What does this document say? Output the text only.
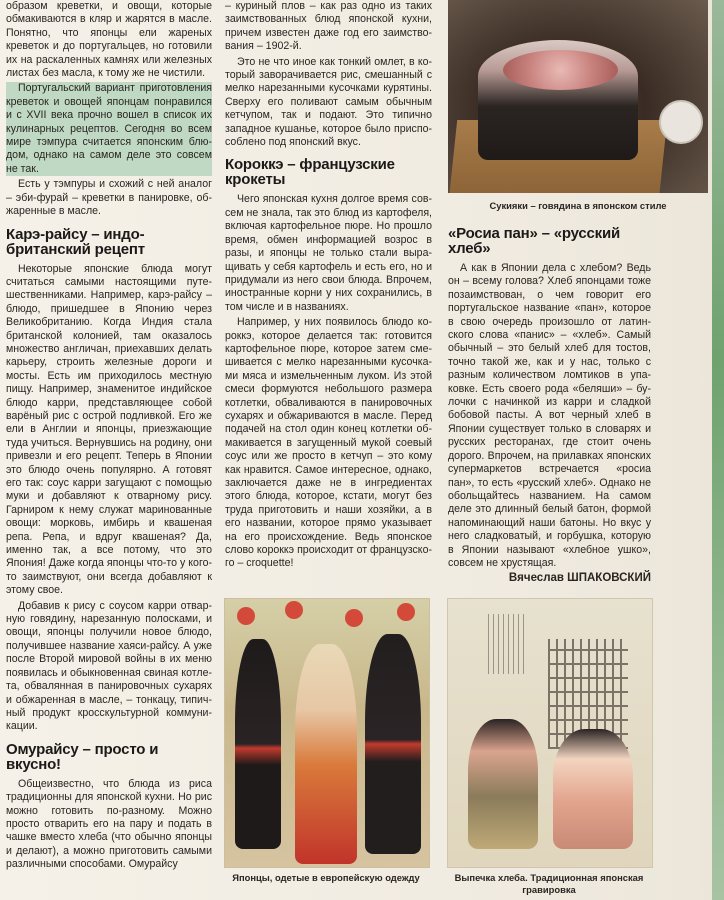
образом креветки, и овощи, которые обмакиваются в кляр и жарятся в масле. Понятно, что японцы ели жареных креветок и до португальцев, но готовили их на раскаленных камнях или железных листах без масла, к тому же не чистили.

Португальский вариант приготовления креветок и овощей японцам понравился и с XVII века прочно вошел в список их кулинарных рецептов. Сегодня во всем мире тэмпура считается японским блюдом, однако на самом деле это совсем не так.

Есть у тэмпуры и схожий с ней аналог – эби-фурай – креветки в панировке, обжаренные в масле.

Карэ-райсу – индо-британский рецепт

Некоторые японские блюда могут считаться самыми настоящими путешественниками. Например, карэ-райсу – блюдо, пришедшее в Японию через Великобританию. Когда Индия стала британской колонией, там оказалось множество англичан, приехавших делать карьеру, строить железные дороги и мосты. Есть им приходилось местную пищу. Например, знаменитое индийское блюдо карри, представляющее собой варёный рис с острой подливкой. Его же ели в Англии и японцы, приезжающие туда учиться. Вернувшись на родину, они привезли и его рецепт. Теперь в Японии это блюдо очень популярно. А готовят его так: соус карри загущают с помощью муки и добавляют к отварному рису. Гарниром к нему служат маринованные овощи: морковь, имбирь и квашеная репа. Репа, и вдруг квашеная? Да, именно так, а все потому, что это Япония! Даже когда японцы что-то у кого-то заимствуют, они всегда добавляют к этому свое.

Добавив к рису с соусом карри отварную говядину, нарезанную полосками, и овощи, японцы получили новое блюдо, получившее название хаяси-райсу. А уже после Второй мировой войны в их меню появилась и обыкновенная свиная котлета, обвалянная в панировочных сухарях и обжаренная в масле, – тонкацу, типичный продукт кросскультурной коммуникации.

Омурайсу – просто и вкусно!

Общеизвестно, что блюда из риса традиционны для японской кухни. Но рис можно готовить по-разному. Можно просто отварить его на пару и подать в чашке вместо хлеба (что обычно японцы и делают), а можно приготовить самыми различными способами. Омурайсу

– куриный плов – как раз одно из таких заимствованных блюд японской кухни, причем известен даже год его заимствования – 1902-й.

Это не что иное как тонкий омлет, в который заворачивается рис, смешанный с мелко нарезанными кусочками курятины. Сверху его поливают самым обычным кетчупом, так и подают. Это типично западное кушанье, которое было приспособлено под японский вкус.

Короккэ – французские крокеты

Чего японская кухня долгое время совсем не знала, так это блюд из картофеля, включая картофельное пюре. Но прошло время, обмен информацией возрос в разы, и японцы не только стали выращивать у себя картофель и есть его, но и придумали из него свои блюда. Впрочем, иностранные корни у них сохранились, в том числе и в названиях.

Например, у них появилось блюдо короккэ, которое делается так: готовится картофельное пюре, которое затем смешивается с мелко нарезанными кусочками мяса и измельченным луком. Из этой смеси формуются небольшого размера котлетки, обваливаются в панировочных сухарях и обжариваются в масле. Перед подачей на стол один конец котлетки обмакивается в загущенный мукой соевый соус или же просто в кетчуп – это кому как нравится. Самое интересное, однако, заключается даже не в ингредиентах этого блюда, которое, кстати, могут без труда приготовить и наши хозяйки, а в его названии, которое прямо указывает на его происхождение. Ведь японское слово короккэ происходит от французского – croquette!

Сукияки – говядина в японском стиле
«Росиа пан» – «русский хлеб»

А как в Японии дела с хлебом? Ведь он – всему голова? Хлеб японцами тоже позаимствован, о чем говорит его португальское название «пан», которое в свою очередь произошло от латинского слова «панис» – «хлеб». Самый обычный – это белый хлеб для тостов, точно такой же, как и у нас, только с разным количеством ломтиков в упаковке. Есть своего рода «беляши» – булочки с начинкой из карри и сладкой бобовой пасты. А вот черный хлеб в Японии существует только в словарях и русских ресторанах, где стоит очень дорого. Впрочем, на прилавках японских супермаркетов встречается «росиа пан», то есть «русский хлеб». Однако не обольщайтесь названием. На самом деле это длинный белый батон, формой напоминающий наши батоны. Но вкус у него сладковатый, и горбушка, которую в Японии называют «хлебное ушко», совсем не хрустящая.

Вячеслав ШПАКОВСКИЙ
Японцы, одетые в европейскую одежду	Выпечка хлеба. Традиционная японская гравировка
